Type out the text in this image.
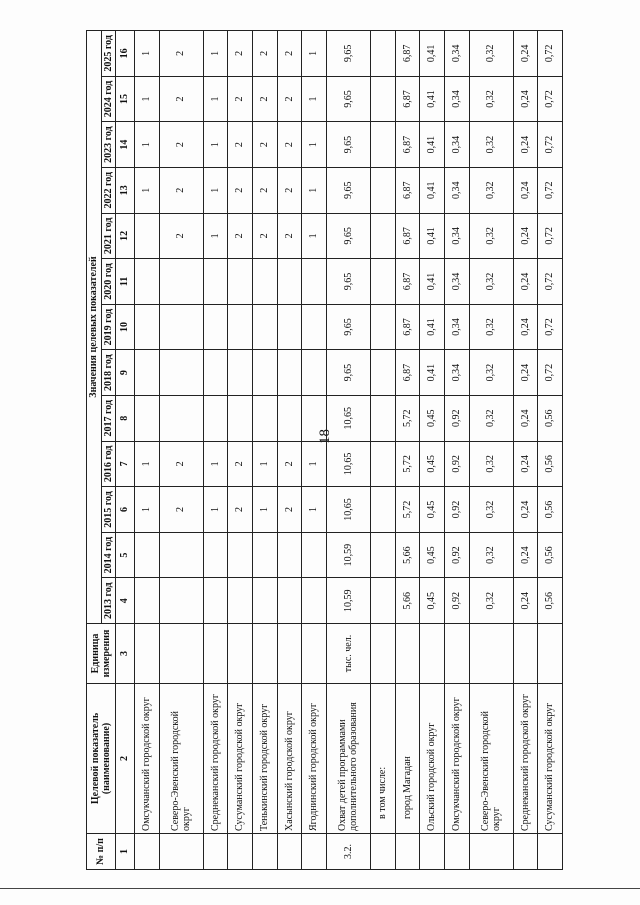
18
№ п/п	Целевой показатель (наименование)	Единица измерения	Значения целевых показателей												
			2013 год	2014 год	2015 год	2016 год	2017 год	2018 год	2019 год	2020 год	2021 год	2022 год	2023 год	2024 год	2025 год
1	2	3	4	5	6	7	8	9	10	11	12	13	14	15	16
	Омсукчанский городской округ				1	1						1	1	1	1
	Северо-Эвенский городской округ				2	2					2	2	2	2	2
	Среднеканский городской округ				1	1					1	1	1	1	1
	Сусуманский городской округ				2	2					2	2	2	2	2
	Тенькинский городской округ				1	1					2	2	2	2	2
	Хасынский городской округ				2	2					2	2	2	2	2
	Ягоднинский городской округ				1	1					1	1	1	1	1
3.2.	Охват детей программами дополнительного образования	тыс. чел.	10,59	10,59	10,65	10,65	10,65	9,65	9,65	9,65	9,65	9,65	9,65	9,65	9,65
	в том числе:														
	город Магадан		5,66	5,66	5,72	5,72	5,72	6,87	6,87	6,87	6,87	6,87	6,87	6,87	6,87
	Ольский городской округ		0,45	0,45	0,45	0,45	0,45	0,41	0,41	0,41	0,41	0,41	0,41	0,41	0,41
	Омсукчанский городской округ		0,92	0,92	0,92	0,92	0,92	0,34	0,34	0,34	0,34	0,34	0,34	0,34	0,34
	Северо-Эвенский городской округ		0,32	0,32	0,32	0,32	0,32	0,32	0,32	0,32	0,32	0,32	0,32	0,32	0,32
	Среднеканский городской округ		0,24	0,24	0,24	0,24	0,24	0,24	0,24	0,24	0,24	0,24	0,24	0,24	0,24
	Сусуманский городской округ		0,56	0,56	0,56	0,56	0,56	0,72	0,72	0,72	0,72	0,72	0,72	0,72	0,72
